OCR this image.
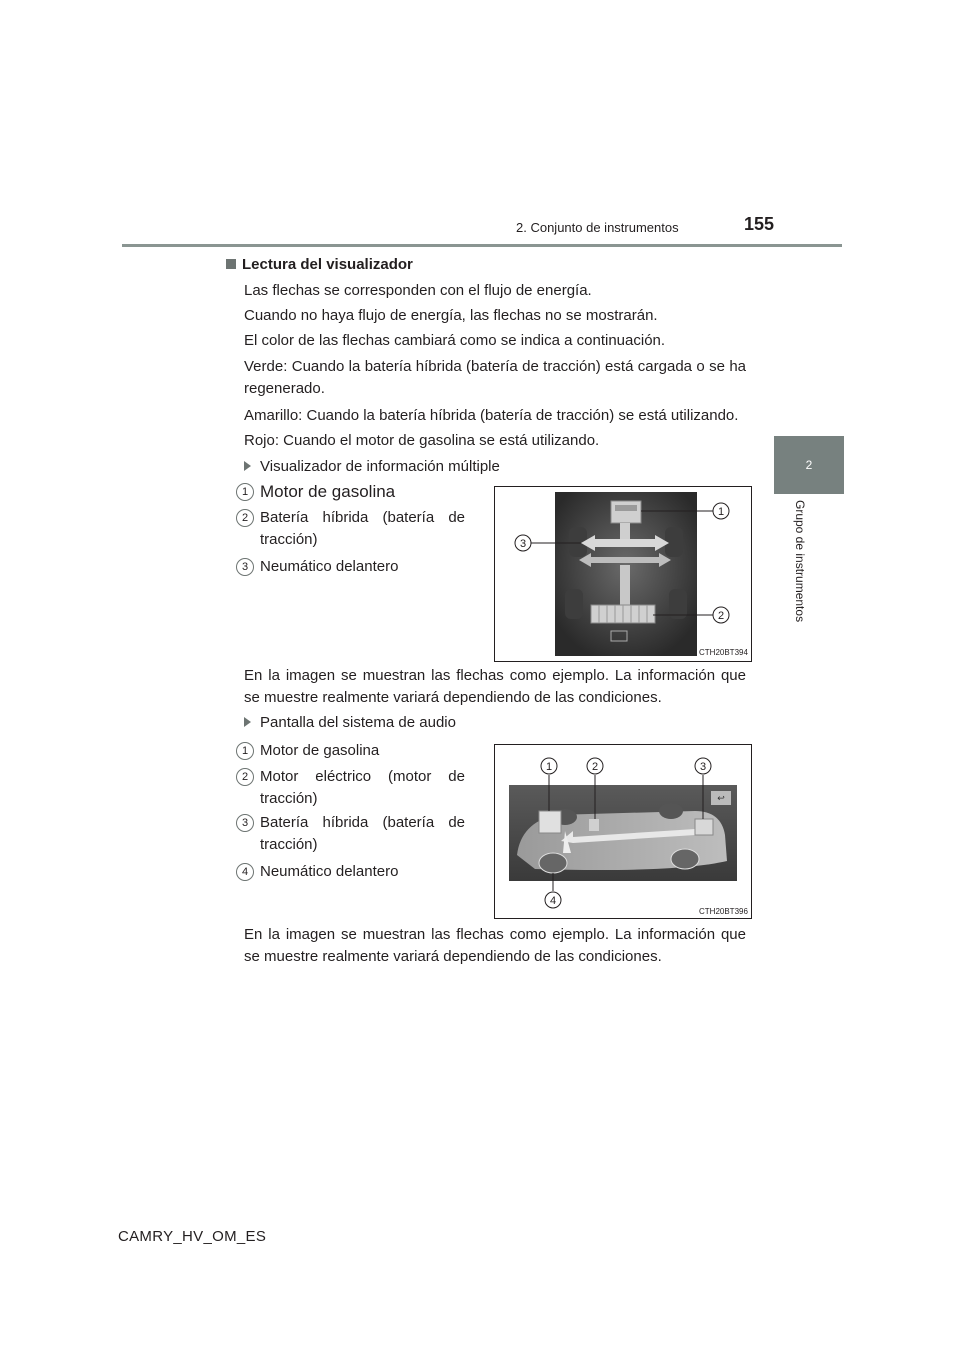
2. Conjunto de instrumentos	155
2
Grupo de instrumentos
Lectura del visualizador
Las flechas se corresponden con el flujo de energía.
Cuando no haya flujo de energía, las flechas no se mostrarán.
El color de las flechas cambiará como se indica a continuación.
Verde: Cuando la batería híbrida (batería de tracción) está cargada o se ha regenerado.
Amarillo: Cuando la batería híbrida (batería de tracción) se está utilizando.
Rojo: Cuando el motor de gasolina se está utilizando.
Visualizador de información múltiple
1 Motor de gasolina
2 Batería híbrida (batería de tracción)
3 Neumático delantero
1
2
3
CTH20BT394
En la imagen se muestran las flechas como ejemplo. La información que se muestre realmente variará dependiendo de las condiciones.
Pantalla del sistema de audio
1 Motor de gasolina
2 Motor eléctrico (motor de tracción)
3 Batería híbrida (batería de tracción)
4 Neumático delantero
↩
1	2	3
4
CTH20BT396
En la imagen se muestran las flechas como ejemplo. La información que se muestre realmente variará dependiendo de las condiciones.
CAMRY_HV_OM_ES
